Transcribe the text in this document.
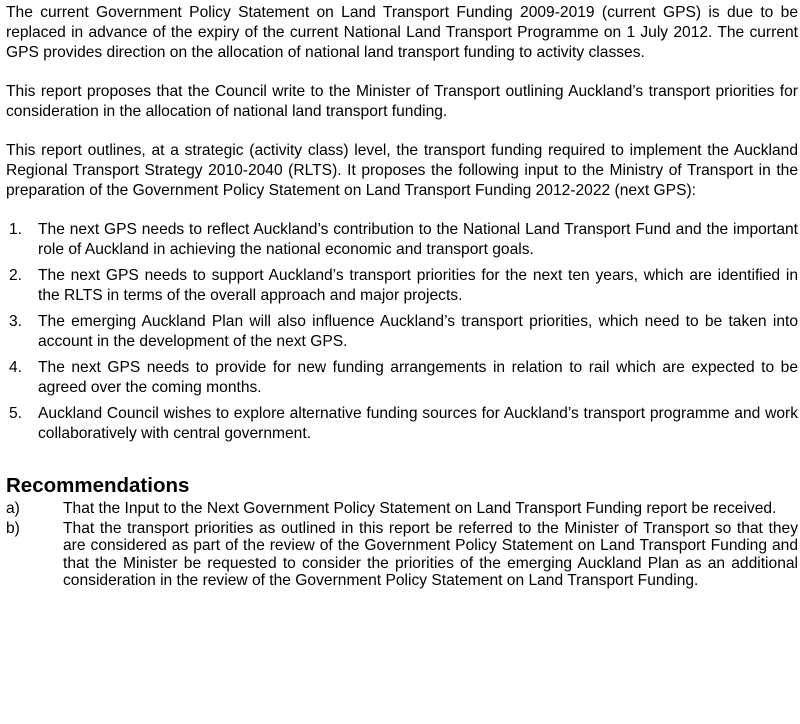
The current Government Policy Statement on Land Transport Funding 2009-2019 (current GPS) is due to be replaced in advance of the expiry of the current National Land Transport Programme on 1 July 2012. The current GPS provides direction on the allocation of national land transport funding to activity classes.

This report proposes that the Council write to the Minister of Transport outlining Auckland’s transport priorities for consideration in the allocation of national land transport funding.

This report outlines, at a strategic (activity class) level, the transport funding required to implement the Auckland Regional Transport Strategy 2010-2040 (RLTS). It proposes the following input to the Ministry of Transport in the preparation of the Government Policy Statement on Land Transport Funding 2012-2022 (next GPS):

1.	The next GPS needs to reflect Auckland’s contribution to the National Land Transport Fund and the important role of Auckland in achieving the national economic and transport goals.
2.	The next GPS needs to support Auckland’s transport priorities for the next ten years, which are identified in the RLTS in terms of the overall approach and major projects.
3.	The emerging Auckland Plan will also influence Auckland’s transport priorities, which need to be taken into account in the development of the next GPS.
4.	The next GPS needs to provide for new funding arrangements in relation to rail which are expected to be agreed over the coming months.
5.	Auckland Council wishes to explore alternative funding sources for Auckland’s transport programme and work collaboratively with central government.
Recommendations
a)	That the Input to the Next Government Policy Statement on Land Transport Funding report be received.
b)	That the transport priorities as outlined in this report be referred to the Minister of Transport so that they are considered as part of the review of the Government Policy Statement on Land Transport Funding and that the Minister be requested to consider the priorities of the emerging Auckland Plan as an additional consideration in the review of the Government Policy Statement on Land Transport Funding.
